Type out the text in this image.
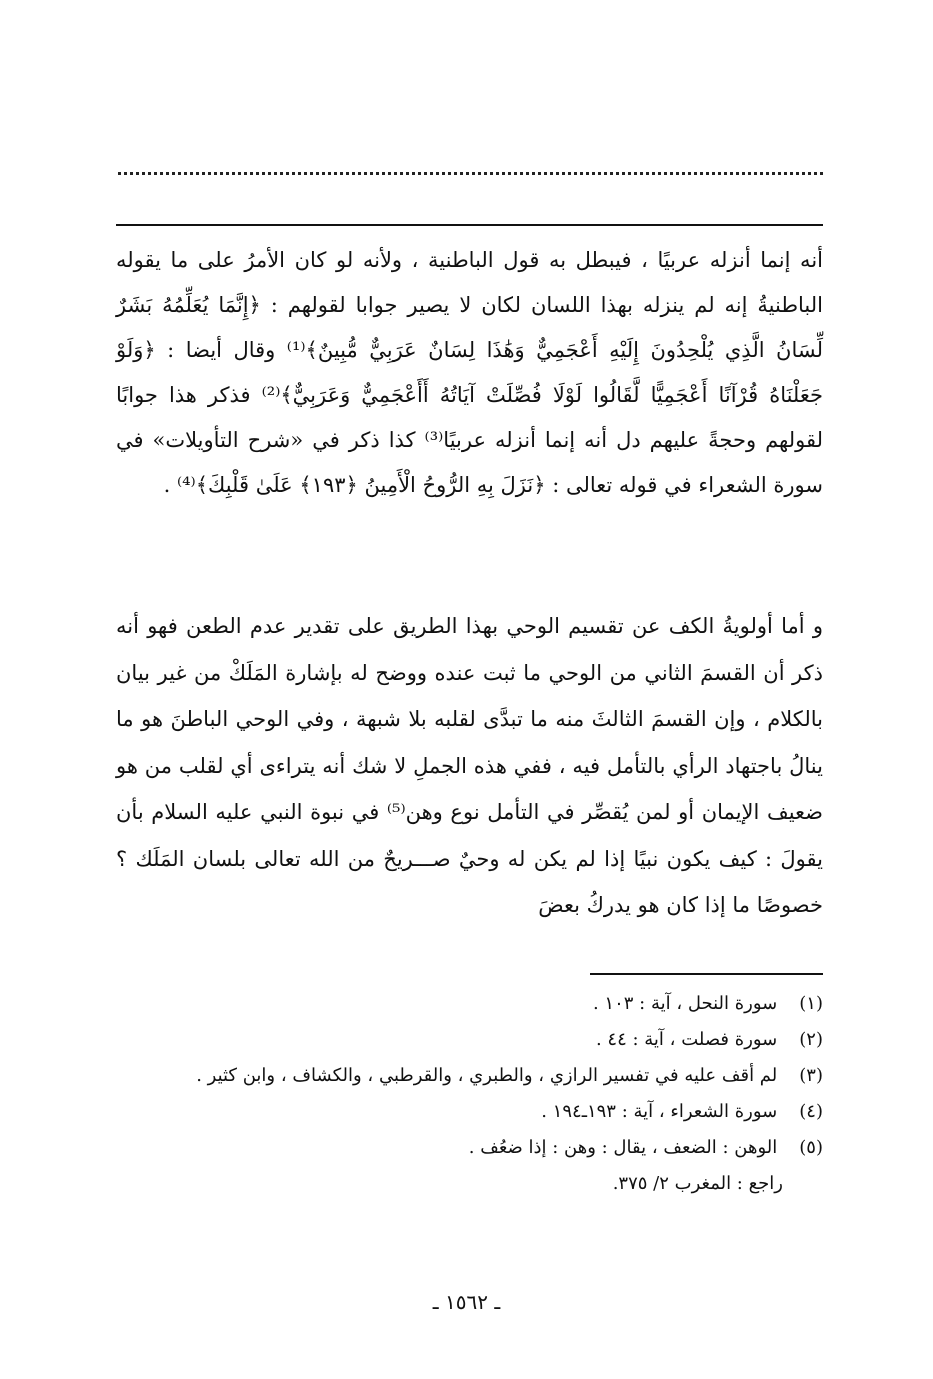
أنه إنما أنزله عربيًا ، فيبطل به قول الباطنية ، ولأنه لو كان الأمرُ على ما يقوله الباطنيةُ إنه لم ينزله بهذا اللسان لكان لا يصير جوابا لقولهم : ﴿إِنَّمَا يُعَلِّمُهُ بَشَرٌ لِّسَانُ الَّذِي يُلْحِدُونَ إِلَيْهِ أَعْجَمِيٌّ وَهَٰذَا لِسَانٌ عَرَبِيٌّ مُّبِينٌ﴾⁽¹⁾ وقال أيضا : ﴿وَلَوْ جَعَلْنَاهُ قُرْآنًا أَعْجَمِيًّا لَّقَالُوا لَوْلَا فُصِّلَتْ آيَاتُهُ أَأَعْجَمِيٌّ وَعَرَبِيٌّ﴾⁽²⁾ فذكر هذا جوابًا لقولهم وحجةً عليهم دل أنه إنما أنزله عربيًا⁽³⁾ كذا ذكر في «شرح التأويلات» في سورة الشعراء في قوله تعالى : ﴿نَزَلَ بِهِ الرُّوحُ الْأَمِينُ ﴿١٩٣﴾ عَلَىٰ قَلْبِكَ﴾⁽⁴⁾ .

و أما أولويةُ الكف عن تقسيم الوحي بهذا الطريق على تقدير عدم الطعن فهو أنه ذكر أن القسمَ الثاني من الوحي ما ثبت عنده ووضح له بإشارة المَلَكْ من غير بيان بالكلام ، وإن القسمَ الثالثَ منه ما تبدَّى لقلبه بلا شبهة ، وفي الوحي الباطنَ هو ما ينالُ باجتهاد الرأي بالتأمل فيه ، ففي هذه الجملِ لا شك أنه يتراءى أي لقلب من هو ضعيف الإيمان أو لمن يُقصِّر في التأمل نوع وهن⁽⁵⁾ في نبوة النبي عليه السلام بأن يقولَ : كيف يكون نبيًا إذا لم يكن له وحيٌ صـــريحٌ من الله تعالى بلسان المَلَك ؟ خصوصًا ما إذا كان هو يدركُ بعضَ

(١) سورة النحل ، آية : ١٠٣ .
(٢) سورة فصلت ، آية : ٤٤ .
(٣) لم أقف عليه في تفسير الرازي ، والطبري ، والقرطبي ، والكشاف ، وابن كثير .
(٤) سورة الشعراء ، آية : ١٩٣ـ١٩٤ .
(٥) الوهن : الضعف ، يقال : وهن : إذا ضعُف .
راجع : المغرب ٢/ ٣٧٥.
ـ ١٥٦٢ ـ
